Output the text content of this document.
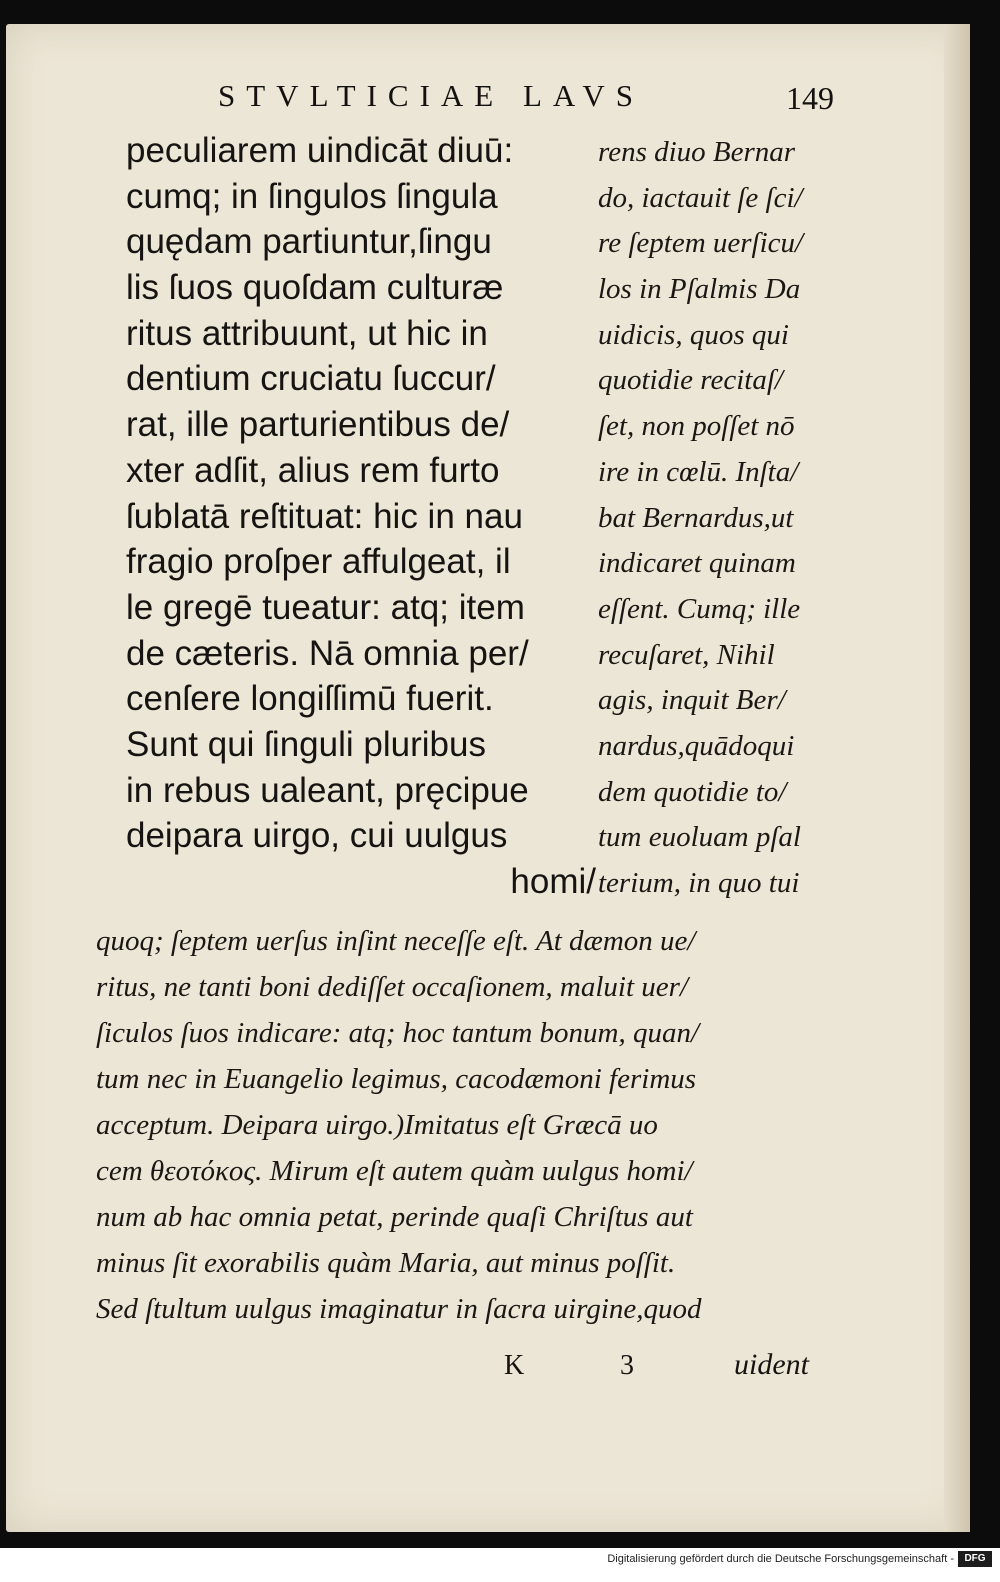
STVLTICIAE LAVS	149
peculiarem uindicāt diuū:
cumq; in ſingulos ſingula
quędam partiuntur,ſingu
lis ſuos quoſdam culturæ
ritus attribuunt, ut hic in
dentium cruciatu ſuccur/
rat, ille parturientibus de/
xter adſit, alius rem furto
ſublatā reſtituat: hic in nau
fragio proſper affulgeat, il
le gregē tueatur: atq; item
de cæteris. Nā omnia per/
cenſere longiſſimū fuerit.
Sunt qui ſinguli pluribus
in rebus ualeant, pręcipue
deipara uirgo, cui uulgus
homi/
rens diuo Bernar
do, iactauit ſe ſci/
re ſeptem uerſicu/
los in Pſalmis Da
uidicis, quos qui
quotidie recitaſ/
ſet, non poſſet nō
ire in cœlū. Inſta/
bat Bernardus,ut
indicaret quinam
eſſent. Cumq; ille
recuſaret, Nihil
agis, inquit Ber/
nardus,quādoqui
dem quotidie to/
tum euoluam pſal
terium, in quo tui
quoq; ſeptem uerſus inſint neceſſe eſt. At dæmon ue/
ritus, ne tanti boni dediſſet occaſionem, maluit uer/
ſiculos ſuos indicare: atq; hoc tantum bonum, quan/
tum nec in Euangelio legimus, cacodæmoni ferimus
acceptum. Deipara uirgo.)Imitatus eſt Græcā uo
cem θεοτόκος. Mirum eſt autem quàm uulgus homi/
num ab hac omnia petat, perinde quaſi Chriſtus aut
minus ſit exorabilis quàm Maria, aut minus poſſit.
Sed ſtultum uulgus imaginatur in ſacra uirgine,quod
K	3	uident
Digitalisierung gefördert durch die Deutsche Forschungsgemeinschaft -	DFG
